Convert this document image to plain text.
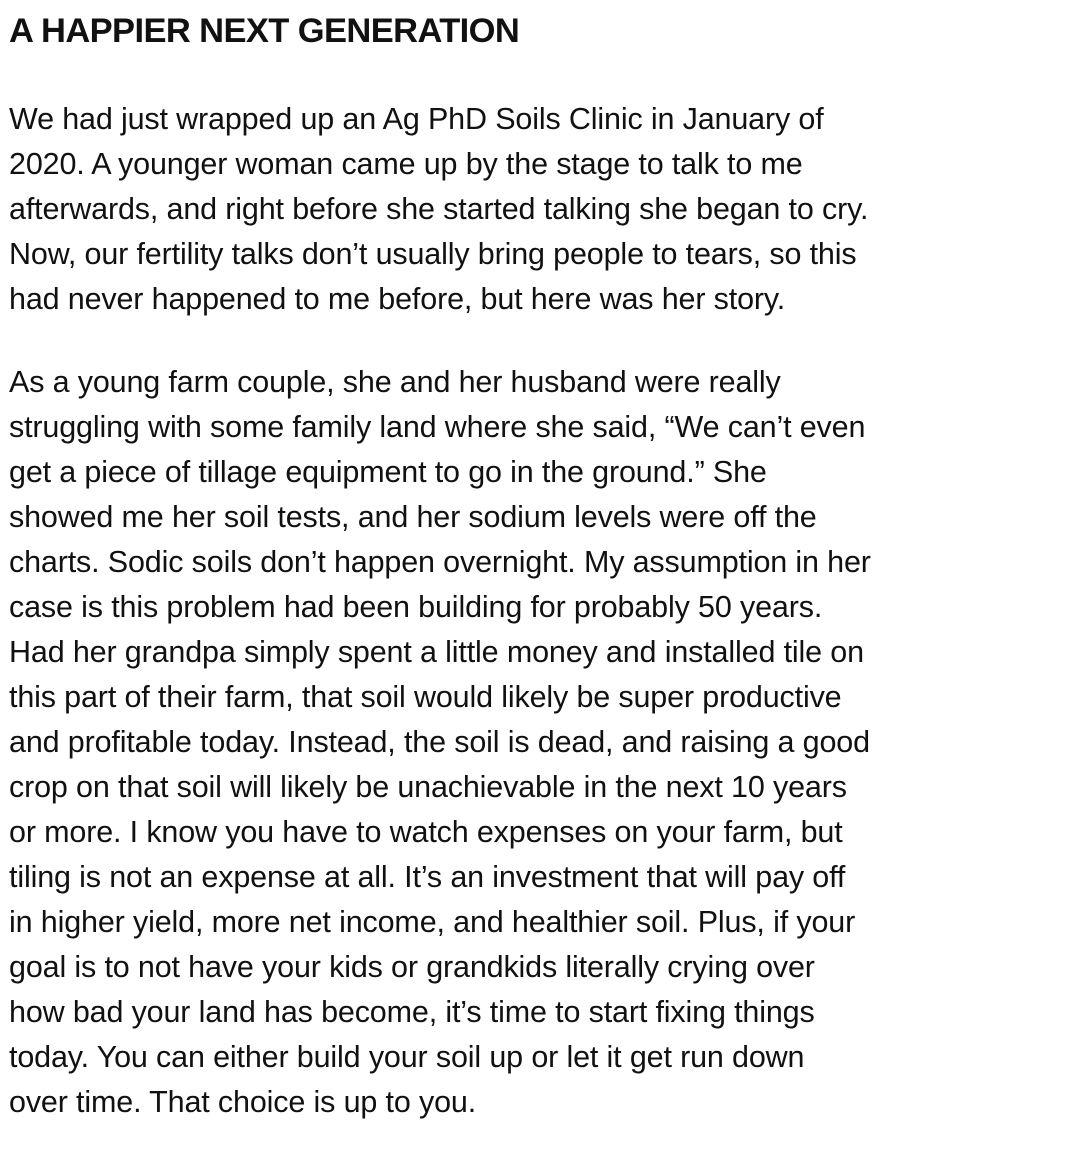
A HAPPIER NEXT GENERATION

We had just wrapped up an Ag PhD Soils Clinic in January of
2020. A younger woman came up by the stage to talk to me
afterwards, and right before she started talking she began to cry.
Now, our fertility talks don’t usually bring people to tears, so this
had never happened to me before, but here was her story.

As a young farm couple, she and her husband were really
struggling with some family land where she said, “We can’t even
get a piece of tillage equipment to go in the ground.” She
showed me her soil tests, and her sodium levels were off the
charts. Sodic soils don’t happen overnight. My assumption in her
case is this problem had been building for probably 50 years.
Had her grandpa simply spent a little money and installed tile on
this part of their farm, that soil would likely be super productive
and profitable today. Instead, the soil is dead, and raising a good
crop on that soil will likely be unachievable in the next 10 years
or more. I know you have to watch expenses on your farm, but
tiling is not an expense at all. It’s an investment that will pay off
in higher yield, more net income, and healthier soil. Plus, if your
goal is to not have your kids or grandkids literally crying over
how bad your land has become, it’s time to start fixing things
today. You can either build your soil up or let it get run down
over time. That choice is up to you.
